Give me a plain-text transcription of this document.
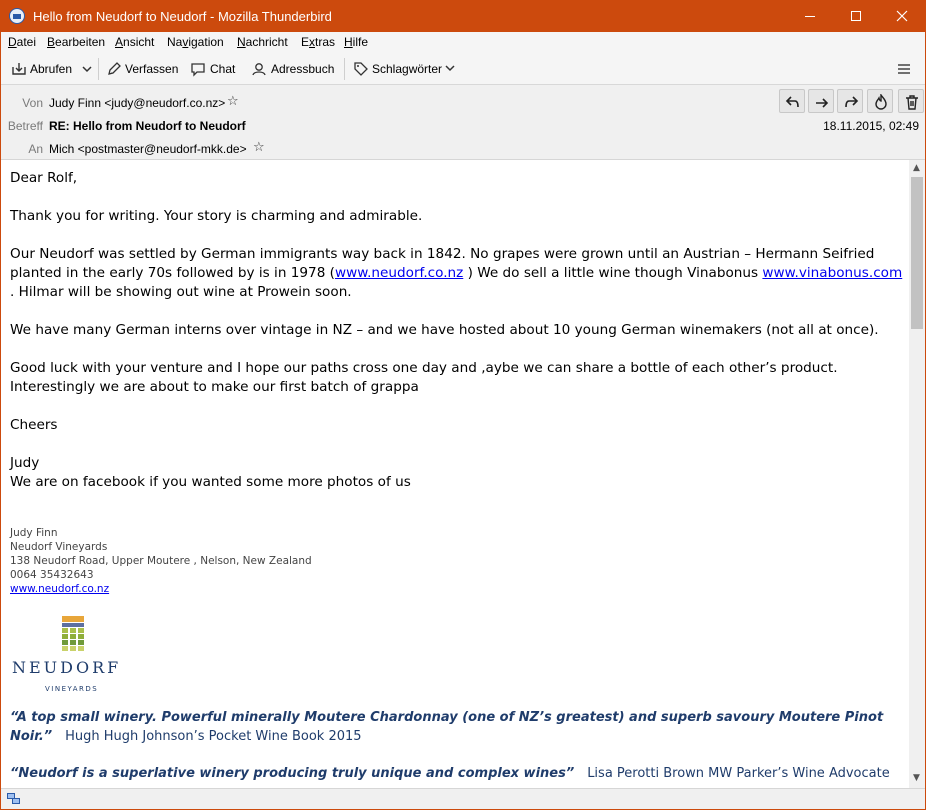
Hello from Neudorf to Neudorf - Mozilla Thunderbird
Datei Bearbeiten Ansicht Navigation Nachricht Extras Hilfe
Abrufen	Verfassen	Chat	Adressbuch	Schlagwörter
Von Judy Finn <judy@neudorf.co.nz> ☆
Betreff RE: Hello from Neudorf to Neudorf	18.11.2015, 02:49
An Mich <postmaster@neudorf-mkk.de> ☆

Dear Rolf,

Thank you for writing. Your story is charming and admirable.

Our Neudorf was settled by German immigrants way back in 1842. No grapes were grown until an Austrian – Hermann Seifried planted in the early 70s followed by is in 1978 (www.neudorf.co.nz ) We do sell a little wine though Vinabonus www.vinabonus.com . Hilmar will be showing out wine at Prowein soon.

We have many German interns over vintage in NZ – and we have hosted about 10 young German winemakers (not all at once).

Good luck with your venture and I hope our paths cross one day and ,aybe we can share a bottle of each other’s product. Interestingly we are about to make our first batch of grappa

Cheers

Judy

We are on facebook if you wanted some more photos of us

Judy Finn
Neudorf Vineyards
138 Neudorf Road, Upper Moutere , Nelson, New Zealand
0064 35432643
www.neudorf.co.nz
NEUDORF
VINEYARDS
“A top small winery. Powerful minerally Moutere Chardonnay (one of NZ’s greatest) and superb savoury Moutere Pinot Noir.” Hugh Hugh Johnson’s Pocket Wine Book 2015
“Neudorf is a superlative winery producing truly unique and complex wines” Lisa Perotti Brown MW Parker’s Wine Advocate
▲
▼
